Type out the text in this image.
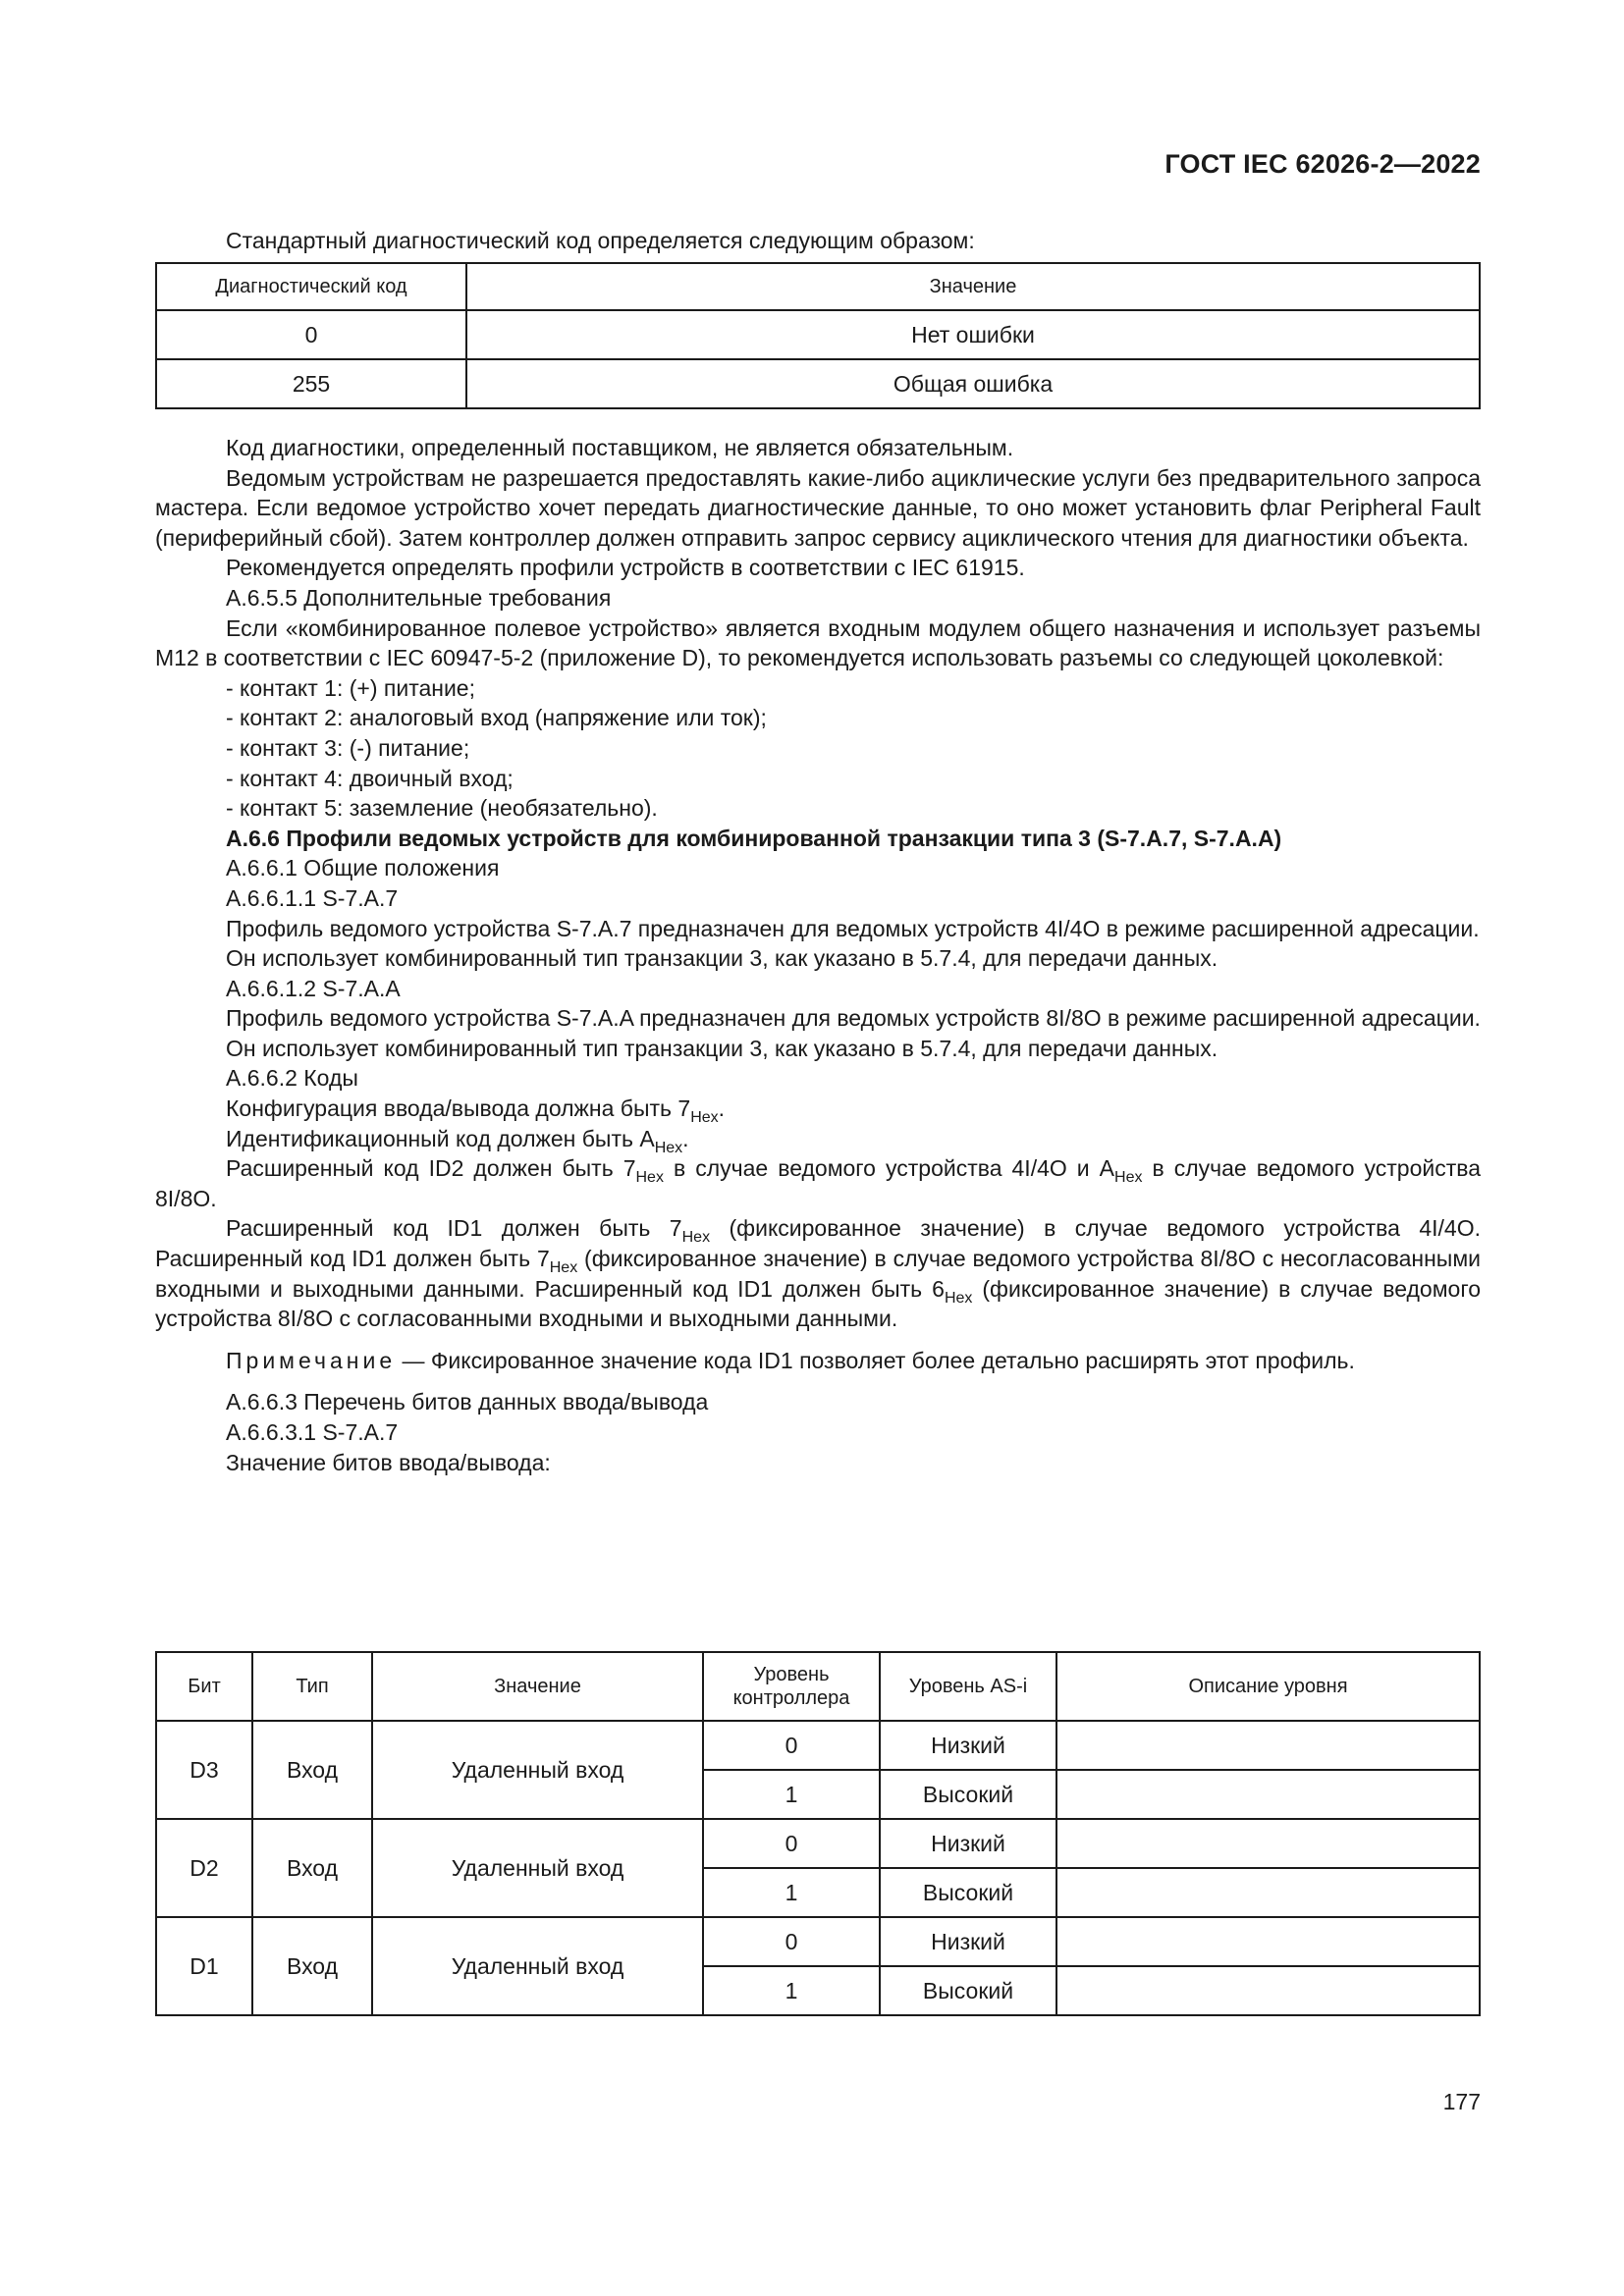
ГОСТ IEC 62026-2—2022
Стандартный диагностический код определяется следующим образом:
Диагностический код	Значение
0	Нет ошибки
255	Общая ошибка

Код диагностики, определенный поставщиком, не является обязательным.

Ведомым устройствам не разрешается предоставлять какие-либо ациклические услуги без предварительного запроса мастера. Если ведомое устройство хочет передать диагностические данные, то оно может установить флаг Peripheral Fault (периферийный сбой). Затем контроллер должен отправить запрос сервису ациклического чтения для диагностики объекта.

Рекомендуется определять профили устройств в соответствии с IEC 61915.

A.6.5.5 Дополнительные требования

Если «комбинированное полевое устройство» является входным модулем общего назначения и использует разъемы M12 в соответствии с IEC 60947-5-2 (приложение D), то рекомендуется использовать разъемы со следующей цоколевкой:

- контакт 1: (+) питание;

- контакт 2: аналоговый вход (напряжение или ток);

- контакт 3: (-) питание;

- контакт 4: двоичный вход;

- контакт 5: заземление (необязательно).

А.6.6 Профили ведомых устройств для комбинированной транзакции типа 3 (S-7.A.7, S-7.A.A)

А.6.6.1 Общие положения

А.6.6.1.1 S-7.A.7

Профиль ведомого устройства S-7.A.7 предназначен для ведомых устройств 4I/4O в режиме расширенной адресации.

Он использует комбинированный тип транзакции 3, как указано в 5.7.4, для передачи данных.

А.6.6.1.2 S-7.A.A

Профиль ведомого устройства S-7.A.A предназначен для ведомых устройств 8I/8O в режиме расширенной адресации.

Он использует комбинированный тип транзакции 3, как указано в 5.7.4, для передачи данных.

А.6.6.2 Коды

Конфигурация ввода/вывода должна быть $7_{Hex}$.

Идентификационный код должен быть $A_{Hex}$.

Расширенный код ID2 должен быть $7_{Hex}$ в случае ведомого устройства 4I/4O и $A_{Hex}$ в случае ведомого устройства 8I/8O.

Расширенный код ID1 должен быть $7_{Hex}$ (фиксированное значение) в случае ведомого устройства 4I/4O. Расширенный код ID1 должен быть $7_{Hex}$ (фиксированное значение) в случае ведомого устройства 8I/8O с несогласованными входными и выходными данными. Расширенный код ID1 должен быть $6_{Hex}$ (фиксированное значение) в случае ведомого устройства 8I/8O с согласованными входными и выходными данными.

Примечание — Фиксированное значение кода ID1 позволяет более детально расширять этот профиль.

А.6.6.3 Перечень битов данных ввода/вывода

А.6.6.3.1 S-7.A.7

Значение битов ввода/вывода:

Бит	Тип	Значение	Уровень контроллера	Уровень AS-i	Описание уровня
D3	Вход	Удаленный вход	0	Низкий	
			1	Высокий	
D2	Вход	Удаленный вход	0	Низкий	
			1	Высокий	
D1	Вход	Удаленный вход	0	Низкий	
			1	Высокий	
177
